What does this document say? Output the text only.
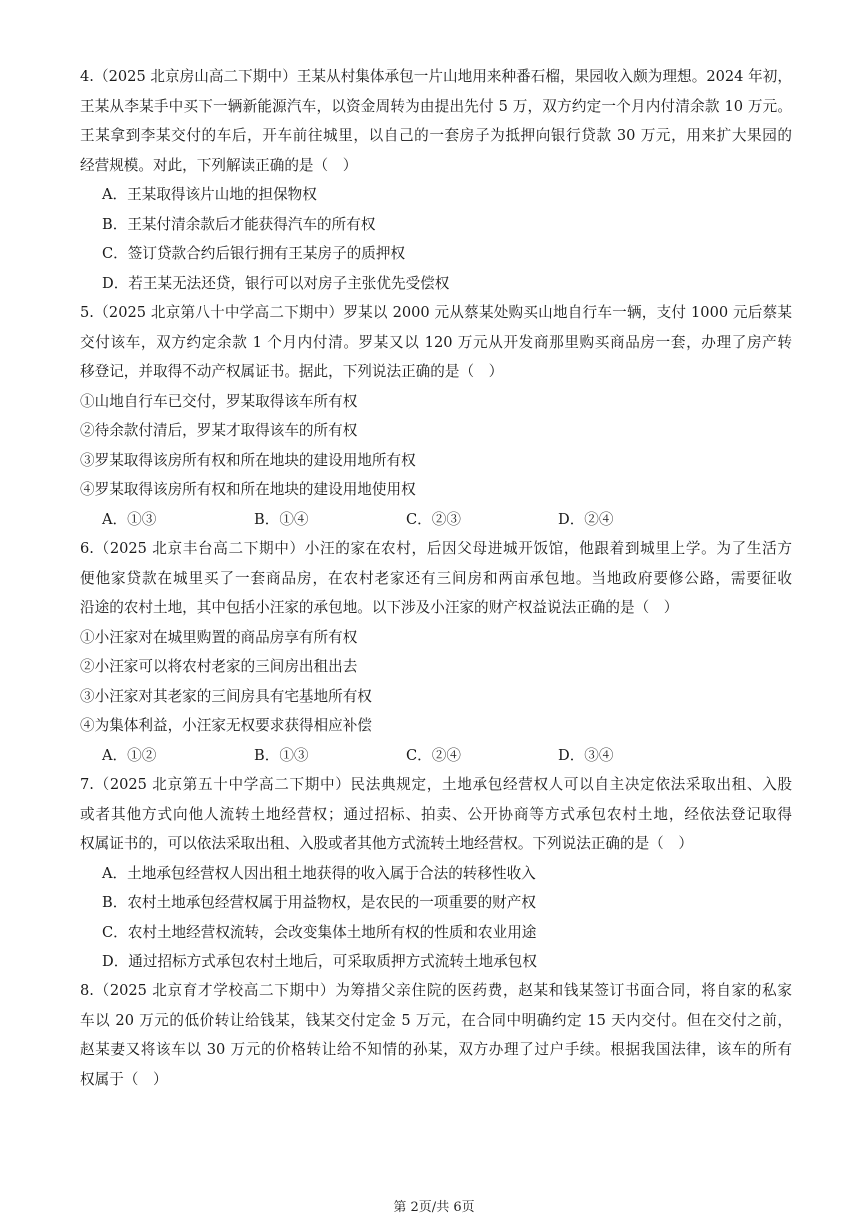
4.（2025 北京房山高二下期中）王某从村集体承包一片山地用来种番石榴，果园收入颇为理想。2024 年初，
王某从李某手中买下一辆新能源汽车，以资金周转为由提出先付 5 万，双方约定一个月内付清余款 10 万元。
王某拿到李某交付的车后，开车前往城里，以自己的一套房子为抵押向银行贷款 30 万元，用来扩大果园的
经营规模。对此，下列解读正确的是（　）
A．王某取得该片山地的担保物权
B．王某付清余款后才能获得汽车的所有权
C．签订贷款合约后银行拥有王某房子的质押权
D．若王某无法还贷，银行可以对房子主张优先受偿权
5.（2025 北京第八十中学高二下期中）罗某以 2000 元从蔡某处购买山地自行车一辆，支付 1000 元后蔡某
交付该车，双方约定余款 1 个月内付清。罗某又以 120 万元从开发商那里购买商品房一套，办理了房产转
移登记，并取得不动产权属证书。据此，下列说法正确的是（　）
①山地自行车已交付，罗某取得该车所有权
②待余款付清后，罗某才取得该车的所有权
③罗某取得该房所有权和所在地块的建设用地所有权
④罗某取得该房所有权和所在地块的建设用地使用权
A．①③	B．①④	C．②③	D．②④
6.（2025 北京丰台高二下期中）小汪的家在农村，后因父母进城开饭馆，他跟着到城里上学。为了生活方
便他家贷款在城里买了一套商品房，在农村老家还有三间房和两亩承包地。当地政府要修公路，需要征收
沿途的农村土地，其中包括小汪家的承包地。以下涉及小汪家的财产权益说法正确的是（　）
①小汪家对在城里购置的商品房享有所有权
②小汪家可以将农村老家的三间房出租出去
③小汪家对其老家的三间房具有宅基地所有权
④为集体利益，小汪家无权要求获得相应补偿
A．①②	B．①③	C．②④	D．③④
7.（2025 北京第五十中学高二下期中）民法典规定，土地承包经营权人可以自主决定依法采取出租、入股
或者其他方式向他人流转土地经营权；通过招标、拍卖、公开协商等方式承包农村土地，经依法登记取得
权属证书的，可以依法采取出租、入股或者其他方式流转土地经营权。下列说法正确的是（　）
A．土地承包经营权人因出租土地获得的收入属于合法的转移性收入
B．农村土地承包经营权属于用益物权，是农民的一项重要的财产权
C．农村土地经营权流转，会改变集体土地所有权的性质和农业用途
D．通过招标方式承包农村土地后，可采取质押方式流转土地承包权
8.（2025 北京育才学校高二下期中）为筹措父亲住院的医药费，赵某和钱某签订书面合同，将自家的私家
车以 20 万元的低价转让给钱某，钱某交付定金 5 万元，在合同中明确约定 15 天内交付。但在交付之前，
赵某妻又将该车以 30 万元的价格转让给不知情的孙某，双方办理了过户手续。根据我国法律，该车的所有
权属于（　）
第 2页/共 6页
